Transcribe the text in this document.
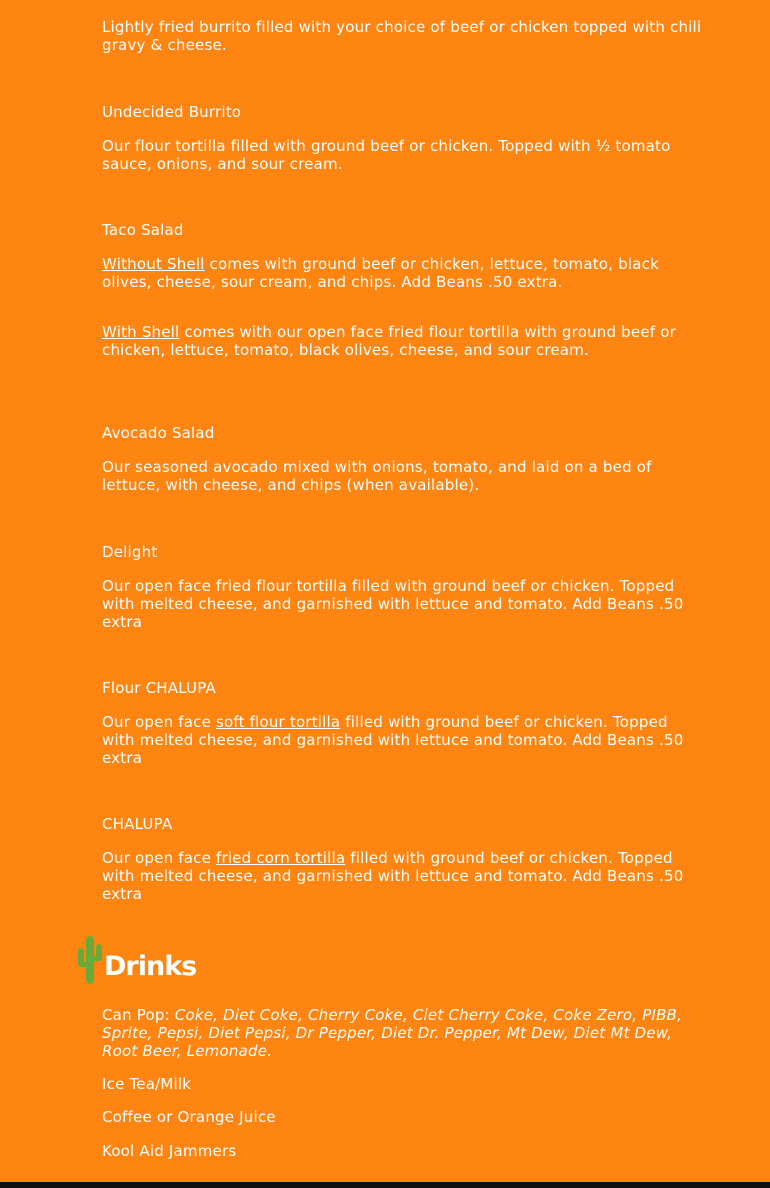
Lightly fried burrito filled with your choice of beef or chicken topped with chili gravy & cheese.

Undecided Burrito

Our flour tortilla filled with ground beef or chicken. Topped with ½ tomato sauce, onions, and sour cream.

Taco Salad

Without Shell comes with ground beef or chicken, lettuce, tomato, black olives, cheese, sour cream, and chips. Add Beans .50 extra.

With Shell comes with our open face fried flour tortilla with ground beef or chicken, lettuce, tomato, black olives, cheese, and sour cream.

Avocado Salad

Our seasoned avocado mixed with onions, tomato, and laid on a bed of lettuce, with cheese, and chips (when available).

Delight

Our open face fried flour tortilla filled with ground beef or chicken. Topped with melted cheese, and garnished with lettuce and tomato. Add Beans .50 extra

Flour CHALUPA

Our open face soft flour tortilla filled with ground beef or chicken. Topped with melted cheese, and garnished with lettuce and tomato. Add Beans .50 extra

CHALUPA

Our open face fried corn tortilla filled with ground beef or chicken. Topped with melted cheese, and garnished with lettuce and tomato. Add Beans .50 extra

Drinks
Can Pop: Coke, Diet Coke, Cherry Coke, Ciet Cherry Coke, Coke Zero, PIBB, Sprite, Pepsi, Diet Pepsi, Dr Pepper, Diet Dr. Pepper, Mt Dew, Diet Mt Dew, Root Beer, Lemonade.
Ice Tea/Milk
Coffee or Orange Juice
Kool Aid Jammers
